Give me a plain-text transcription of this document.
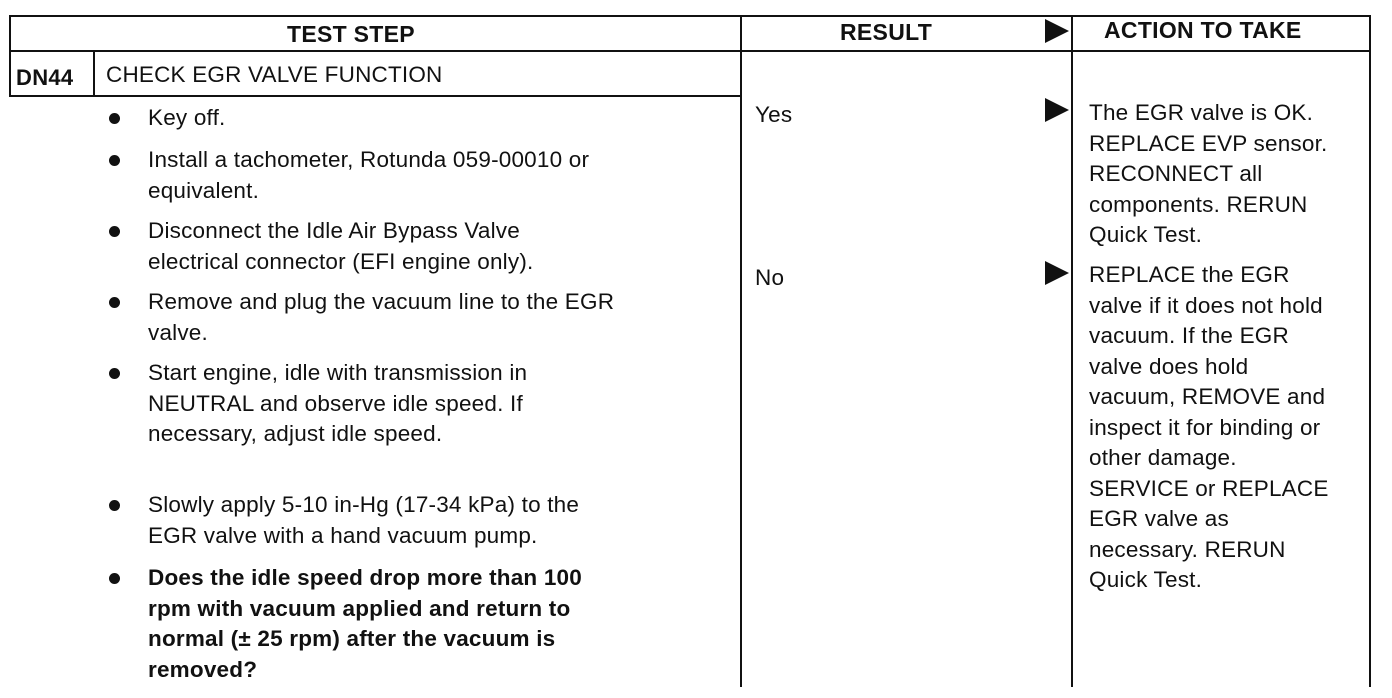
TEST STEP	RESULT	ACTION TO TAKE
DN44 CHECK EGR VALVE FUNCTION
Key off.
Install a tachometer, Rotunda 059-00010 or
equivalent.
Disconnect the Idle Air Bypass Valve
electrical connector (EFI engine only).
Remove and plug the vacuum line to the EGR
valve.
Start engine, idle with transmission in
NEUTRAL and observe idle speed. If
necessary, adjust idle speed.
Slowly apply 5-10 in-Hg (17-34 kPa) to the
EGR valve with a hand vacuum pump.
Does the idle speed drop more than 100
rpm with vacuum applied and return to
normal (± 25 rpm) after the vacuum is
removed?
Yes	The EGR valve is OK.
REPLACE EVP sensor.
RECONNECT all
components. RERUN
Quick Test.
No	REPLACE the EGR
valve if it does not hold
vacuum. If the EGR
valve does hold
vacuum, REMOVE and
inspect it for binding or
other damage.
SERVICE or REPLACE
EGR valve as
necessary. RERUN
Quick Test.
